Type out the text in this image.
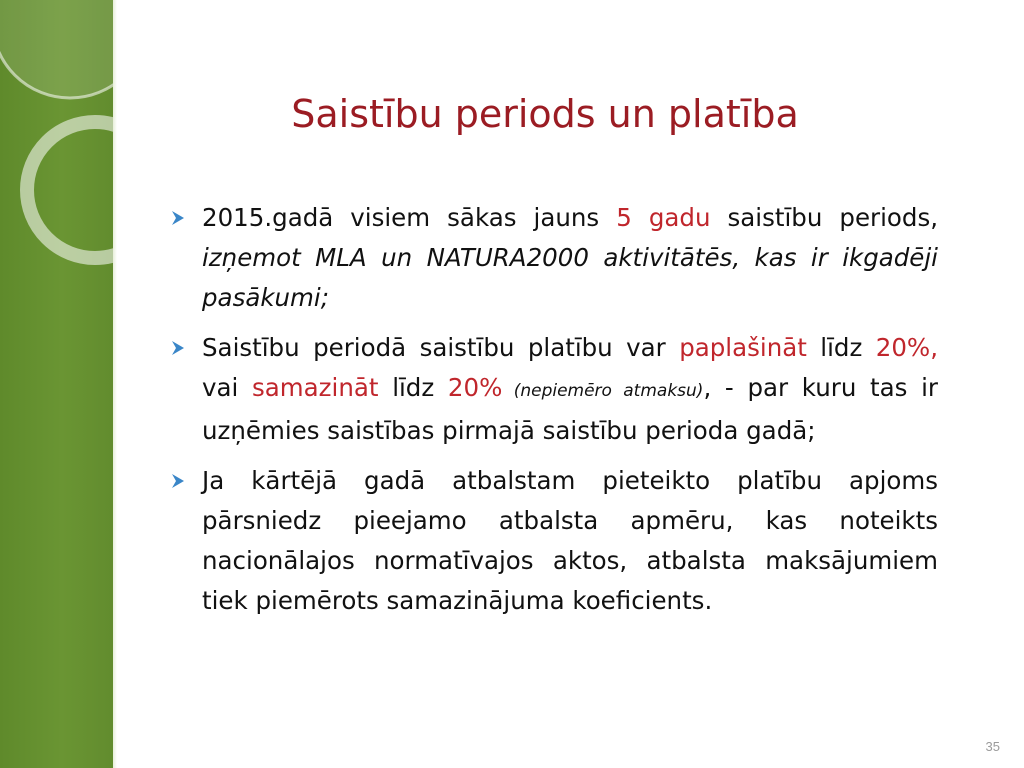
Saistību periods un platība
2015.gadā visiem sākas jauns 5 gadu saistību periods, izņemot MLA un NATURA2000 aktivitātēs, kas ir ikgadēji pasākumi;
Saistību periodā saistību platību var paplašināt līdz 20%, vai samazināt līdz 20% (nepiemēro atmaksu), - par kuru tas ir uzņēmies saistības pirmajā saistību perioda gadā;
Ja kārtējā gadā atbalstam pieteikto platību apjoms pārsniedz pieejamo atbalsta apmēru, kas noteikts nacionālajos normatīvajos aktos, atbalsta maksājumiem tiek piemērots samazinājuma koeficients.
35
